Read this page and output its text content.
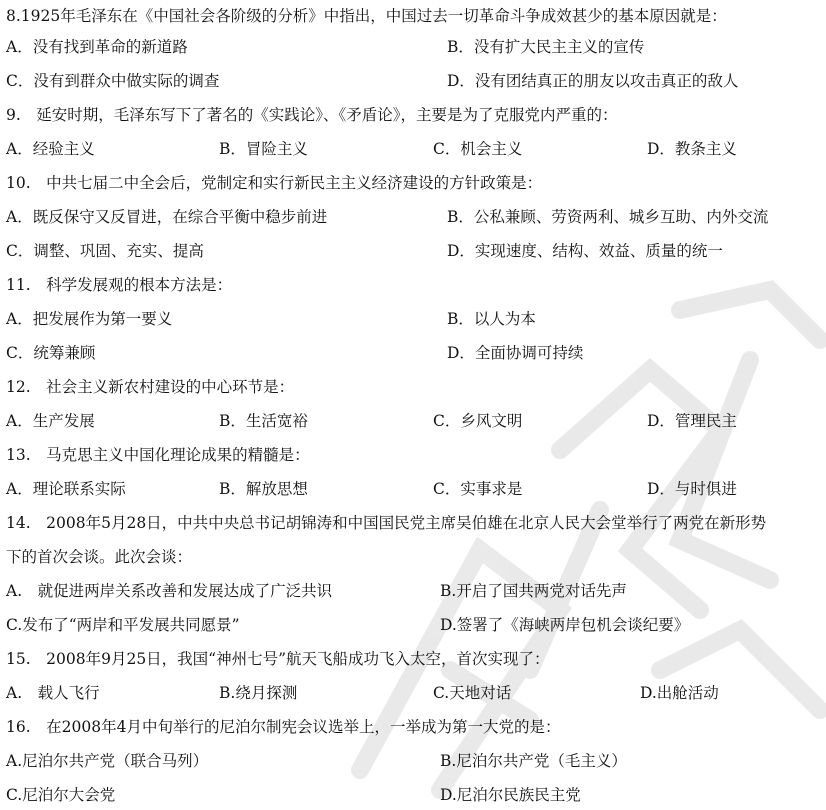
8.1925年毛泽东在《中国社会各阶级的分析》中指出，中国过去一切革命斗争成效甚少的基本原因就是：
A．没有找到革命的新道路	B．没有扩大民主主义的宣传
C．没有到群众中做实际的调查	D．没有团结真正的朋友以攻击真正的敌人
9.　延安时期，毛泽东写下了著名的《实践论》、《矛盾论》，主要是为了克服党内严重的：
A．经验主义	B．冒险主义	C．机会主义	D．教条主义
10.　中共七届二中全会后，党制定和实行新民主主义经济建设的方针政策是：
A．既反保守又反冒进，在综合平衡中稳步前进	B．公私兼顾、劳资两利、城乡互助、内外交流
C．调整、巩固、充实、提高	D．实现速度、结构、效益、质量的统一
11.　科学发展观的根本方法是：
A．把发展作为第一要义	B．以人为本
C．统筹兼顾	D．全面协调可持续
12.　社会主义新农村建设的中心环节是：
A．生产发展	B．生活宽裕	C．乡风文明	D．管理民主
13.　马克思主义中国化理论成果的精髓是：
A．理论联系实际	B．解放思想	C．实事求是	D．与时俱进
14.　2008年5月28日，中共中央总书记胡锦涛和中国国民党主席吴伯雄在北京人民大会堂举行了两党在新形势
下的首次会谈。此次会谈：
A.　就促进两岸关系改善和发展达成了广泛共识	B.开启了国共两党对话先声
C.发布了“两岸和平发展共同愿景”	D.签署了《海峡两岸包机会谈纪要》
15.　2008年9月25日，我国“神州七号”航天飞船成功飞入太空，首次实现了：
A.　载人飞行	B.绕月探测	C.天地对话	D.出舱活动
16.　在2008年4月中旬举行的尼泊尔制宪会议选举上，一举成为第一大党的是：
A.尼泊尔共产党（联合马列）	B.尼泊尔共产党（毛主义）
C.尼泊尔大会党	D.尼泊尔民族民主党
